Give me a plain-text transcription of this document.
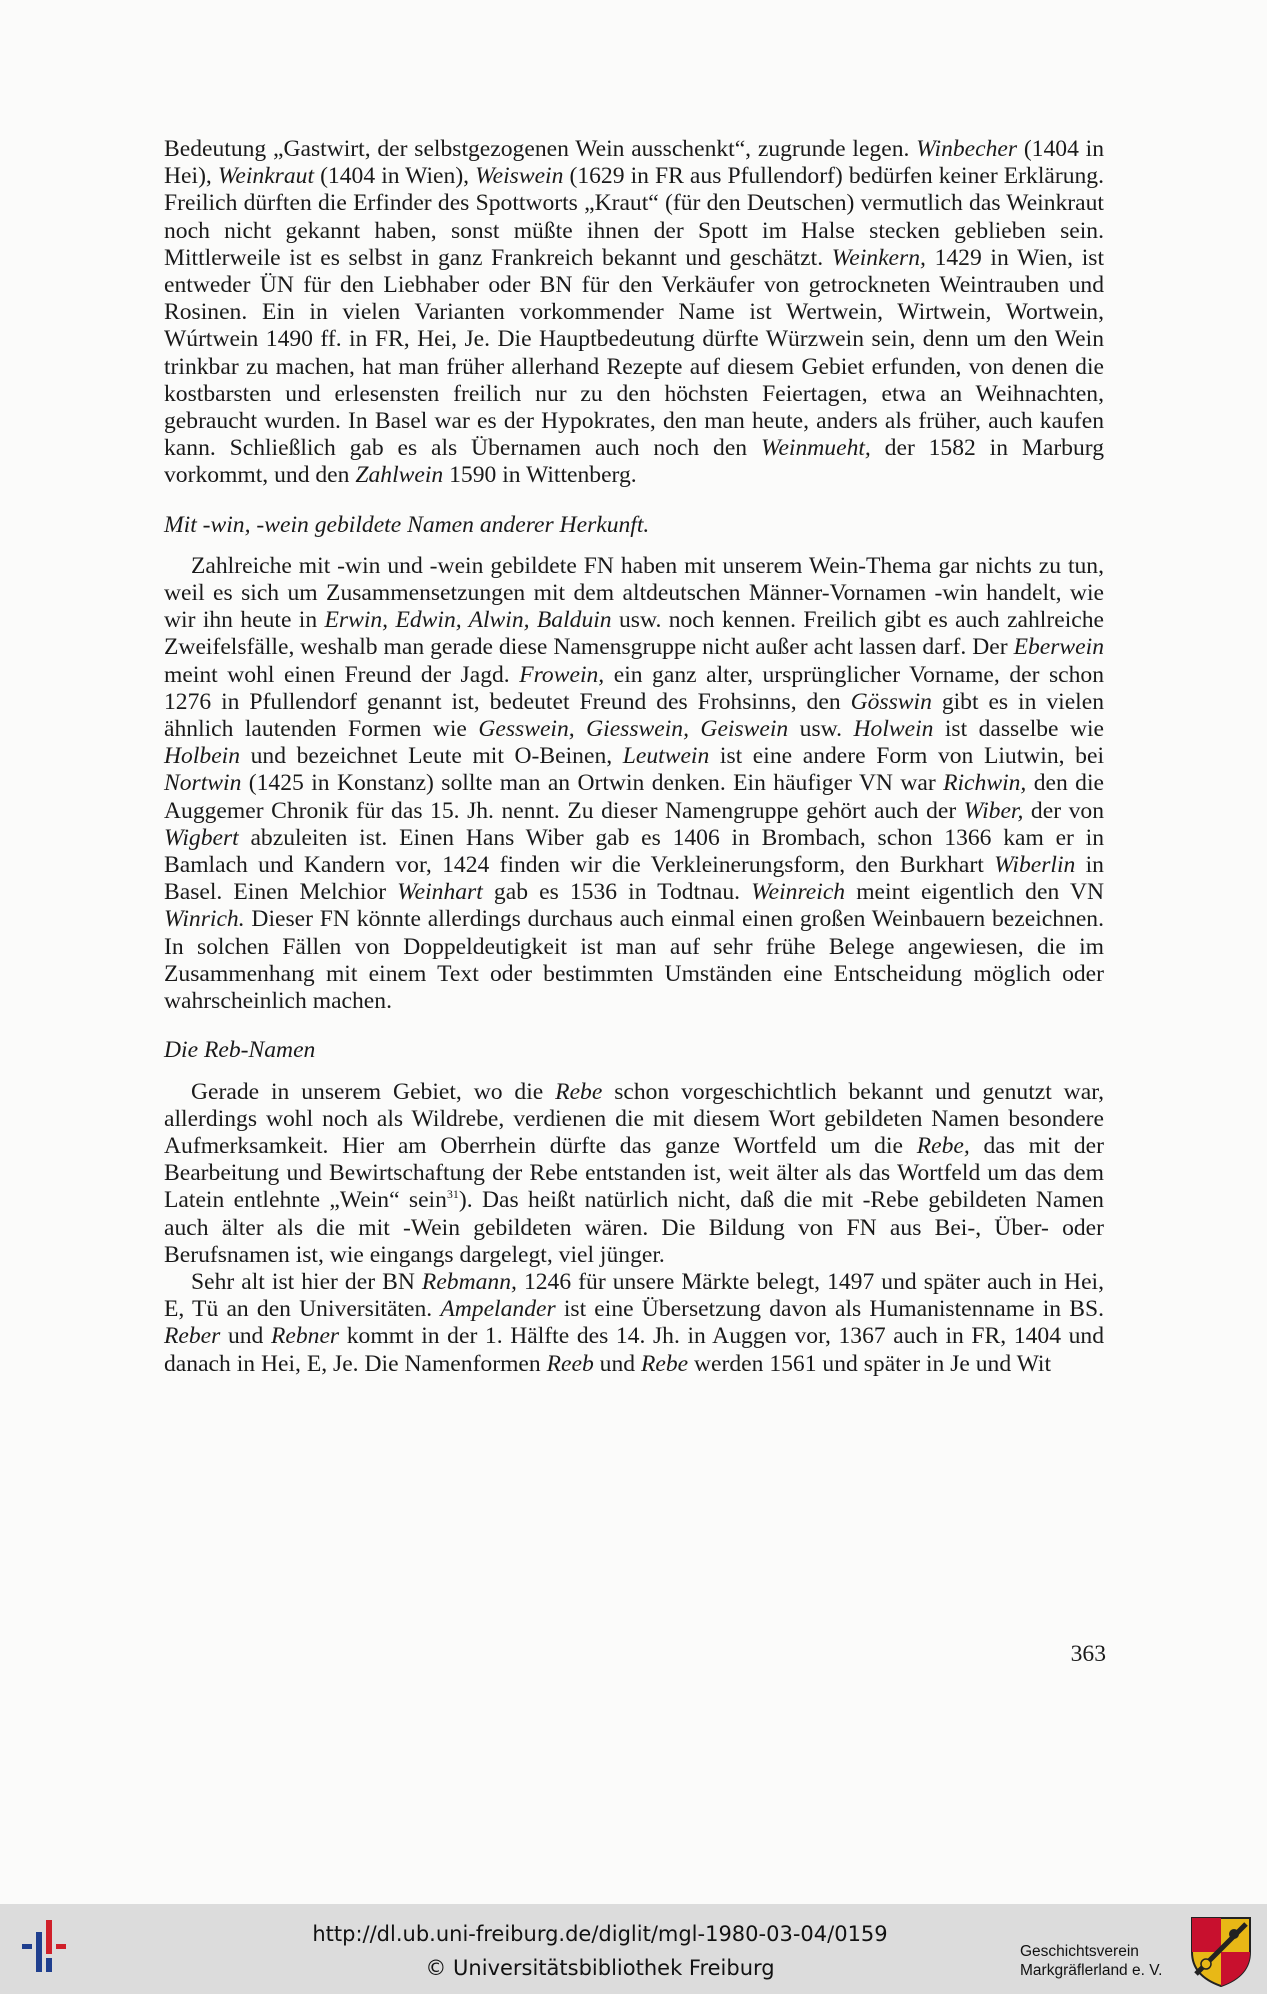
Bedeutung „Gastwirt, der selbstgezogenen Wein ausschenkt“, zugrunde legen. Winbecher (1404 in Hei), Weinkraut (1404 in Wien), Weiswein (1629 in FR aus Pfullendorf) bedürfen keiner Erklärung. Freilich dürften die Erfinder des Spottworts „Kraut“ (für den Deutschen) vermutlich das Weinkraut noch nicht gekannt haben, sonst müßte ihnen der Spott im Halse stecken geblieben sein. Mittlerweile ist es selbst in ganz Frankreich bekannt und geschätzt. Weinkern, 1429 in Wien, ist entweder ÜN für den Liebhaber oder BN für den Verkäufer von getrockneten Weintrauben und Rosinen. Ein in vielen Varianten vorkommender Name ist Wertwein, Wirtwein, Wortwein, Wúrtwein 1490 ff. in FR, Hei, Je. Die Hauptbedeutung dürfte Würzwein sein, denn um den Wein trinkbar zu machen, hat man früher allerhand Rezepte auf diesem Gebiet erfunden, von denen die kostbarsten und erlesensten freilich nur zu den höchsten Feiertagen, etwa an Weihnachten, gebraucht wurden. In Basel war es der Hypokrates, den man heute, anders als früher, auch kaufen kann. Schließlich gab es als Übernamen auch noch den Weinmueht, der 1582 in Marburg vorkommt, und den Zahlwein 1590 in Wittenberg.

Mit -win, -wein gebildete Namen anderer Herkunft.

Zahlreiche mit -win und -wein gebildete FN haben mit unserem Wein-Thema gar nichts zu tun, weil es sich um Zusammensetzungen mit dem altdeutschen Männer-Vornamen -win handelt, wie wir ihn heute in Erwin, Edwin, Alwin, Balduin usw. noch kennen. Freilich gibt es auch zahlreiche Zweifelsfälle, weshalb man gerade diese Namensgruppe nicht außer acht lassen darf. Der Eberwein meint wohl einen Freund der Jagd. Frowein, ein ganz alter, ursprünglicher Vorname, der schon 1276 in Pfullendorf genannt ist, bedeutet Freund des Frohsinns, den Gösswin gibt es in vielen ähnlich lautenden Formen wie Gesswein, Giesswein, Geiswein usw. Holwein ist dasselbe wie Holbein und bezeichnet Leute mit O-Beinen, Leutwein ist eine andere Form von Liutwin, bei Nortwin (1425 in Konstanz) sollte man an Ortwin denken. Ein häufiger VN war Richwin, den die Auggemer Chronik für das 15. Jh. nennt. Zu dieser Namengruppe gehört auch der Wiber, der von Wigbert abzuleiten ist. Einen Hans Wiber gab es 1406 in Brombach, schon 1366 kam er in Bamlach und Kandern vor, 1424 finden wir die Verkleinerungsform, den Burkhart Wiberlin in Basel. Einen Melchior Weinhart gab es 1536 in Todtnau. Weinreich meint eigentlich den VN Winrich. Dieser FN könnte allerdings durchaus auch einmal einen großen Weinbauern bezeichnen. In solchen Fällen von Doppeldeutigkeit ist man auf sehr frühe Belege angewiesen, die im Zusammenhang mit einem Text oder bestimmten Umständen eine Entscheidung möglich oder wahrscheinlich machen.

Die Reb-Namen

Gerade in unserem Gebiet, wo die Rebe schon vorgeschichtlich bekannt und genutzt war, allerdings wohl noch als Wildrebe, verdienen die mit diesem Wort gebildeten Namen besondere Aufmerksamkeit. Hier am Oberrhein dürfte das ganze Wortfeld um die Rebe, das mit der Bearbeitung und Bewirtschaftung der Rebe entstanden ist, weit älter als das Wortfeld um das dem Latein entlehnte „Wein“ sein$^{31}$). Das heißt natürlich nicht, daß die mit -Rebe gebildeten Namen auch älter als die mit -Wein gebildeten wären. Die Bildung von FN aus Bei-, Über- oder Berufsnamen ist, wie eingangs dargelegt, viel jünger.

Sehr alt ist hier der BN Rebmann, 1246 für unsere Märkte belegt, 1497 und später auch in Hei, E, Tü an den Universitäten. Ampelander ist eine Übersetzung davon als Humanistenname in BS. Reber und Rebner kommt in der 1. Hälfte des 14. Jh. in Auggen vor, 1367 auch in FR, 1404 und danach in Hei, E, Je. Die Namenformen Reeb und Rebe werden 1561 und später in Je und Wit

363
http://dl.ub.uni-freiburg.de/diglit/mgl-1980-03-04/0159
© Universitätsbibliothek Freiburg
Geschichtsverein
Markgräflerland e. V.
